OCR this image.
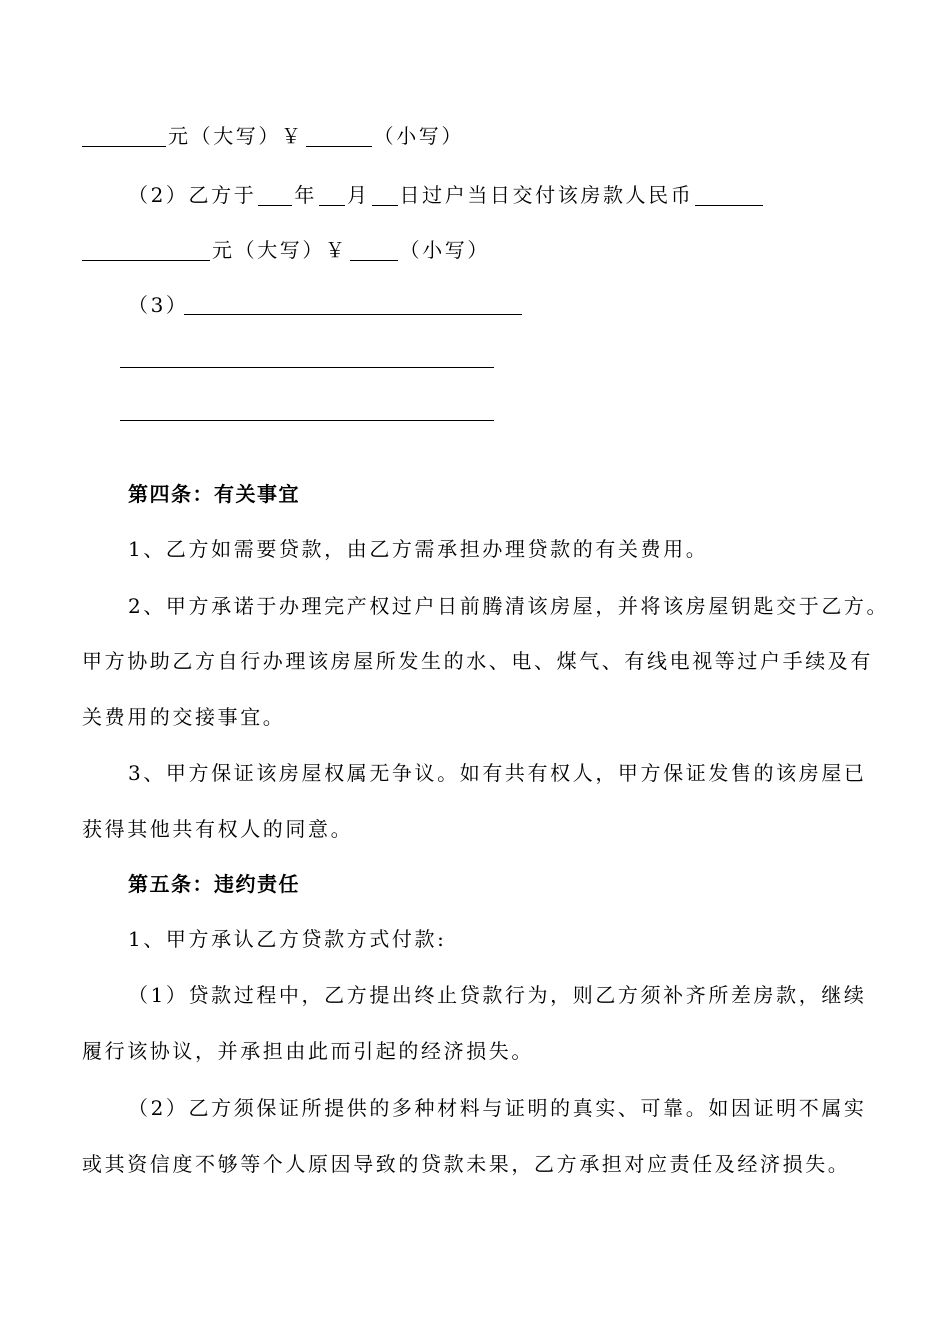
元（大写）￥	（小写）
（2）乙方于 年 月 日过户当日交付该房款人民币
元（大写）￥	（小写）
（3）
第四条：有关事宜
1、乙方如需要贷款，由乙方需承担办理贷款的有关费用。
2、甲方承诺于办理完产权过户日前腾清该房屋，并将该房屋钥匙交于乙方。
甲方协助乙方自行办理该房屋所发生的水、电、煤气、有线电视等过户手续及有
关费用的交接事宜。
3、甲方保证该房屋权属无争议。如有共有权人，甲方保证发售的该房屋已
获得其他共有权人的同意。
第五条：违约责任
1、甲方承认乙方贷款方式付款:
（1）贷款过程中，乙方提出终止贷款行为，则乙方须补齐所差房款，继续
履行该协议，并承担由此而引起的经济损失。
（2）乙方须保证所提供的多种材料与证明的真实、可靠。如因证明不属实
或其资信度不够等个人原因导致的贷款未果，乙方承担对应责任及经济损失。
